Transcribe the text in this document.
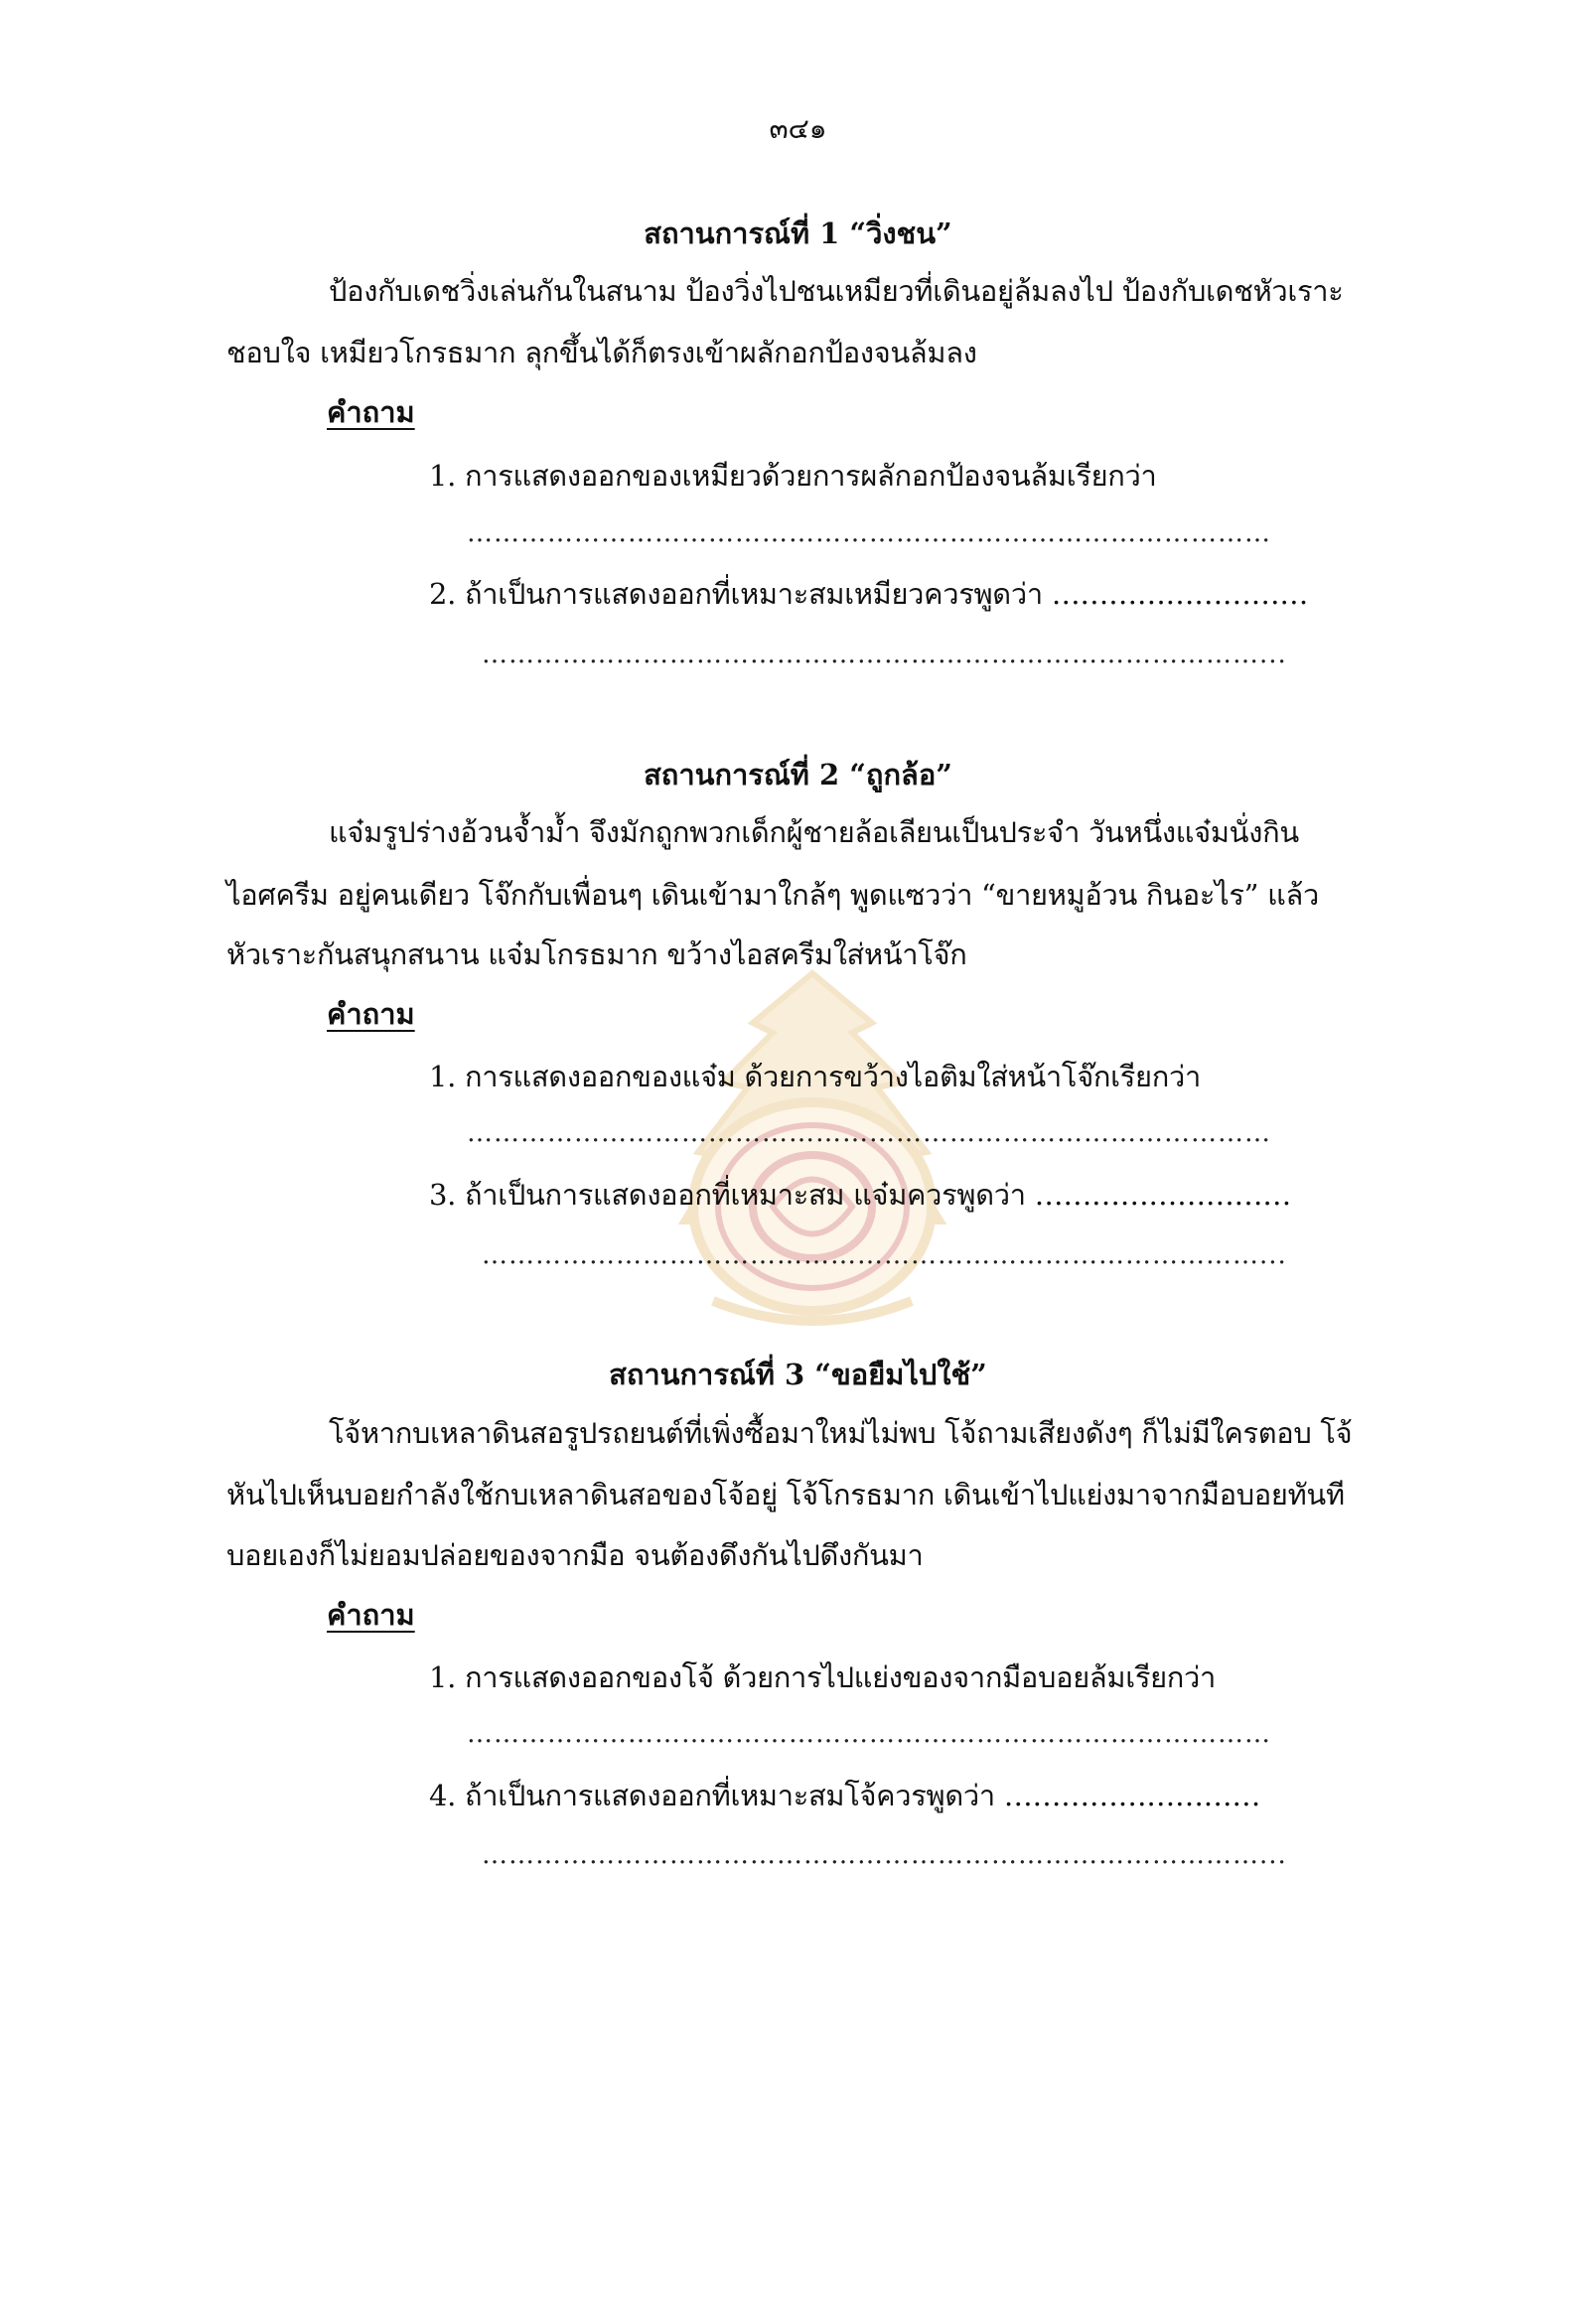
๓๔๑
สถานการณ์ที่ 1 “วิ่งชน”
ป้องกับเดชวิ่งเล่นกันในสนาม ป้องวิ่งไปชนเหมียวที่เดินอยู่ล้มลงไป ป้องกับเดชหัวเราะ
ชอบใจ เหมียวโกรธมาก ลุกขึ้นได้ก็ตรงเข้าผลักอกป้องจนล้มลง
คำถาม
1. การแสดงออกของเหมียวด้วยการผลักอกป้องจนล้มเรียกว่า
………………………………………………………………………………
2. ถ้าเป็นการแสดงออกที่เหมาะสมเหมียวควรพูดว่า ………………………
……………………………………………………………………………...
สถานการณ์ที่ 2 “ถูกล้อ”
แจ๋มรูปร่างอ้วนจ้ำม้ำ จึงมักถูกพวกเด็กผู้ชายล้อเลียนเป็นประจำ วันหนึ่งแจ๋มนั่งกิน
ไอศครีม อยู่คนเดียว โจ๊กกับเพื่อนๆ เดินเข้ามาใกล้ๆ พูดแซวว่า “ขายหมูอ้วน กินอะไร” แล้ว
หัวเราะกันสนุกสนาน แจ๋มโกรธมาก ขว้างไอสครีมใส่หน้าโจ๊ก
คำถาม
1. การแสดงออกของแจ๋ม ด้วยการขว้างไอติมใส่หน้าโจ๊กเรียกว่า
………………………………………………………………………………
3. ถ้าเป็นการแสดงออกที่เหมาะสม แจ๋มควรพูดว่า ………………………
……………………………………………………………………………...
สถานการณ์ที่ 3 “ขอยืมไปใช้”
โจ้หากบเหลาดินสอรูปรถยนต์ที่เพิ่งซื้อมาใหม่ไม่พบ โจ้ถามเสียงดังๆ ก็ไม่มีใครตอบ โจ้
หันไปเห็นบอยกำลังใช้กบเหลาดินสอของโจ้อยู่ โจ้โกรธมาก เดินเข้าไปแย่งมาจากมือบอยทันที
บอยเองก็ไม่ยอมปล่อยของจากมือ จนต้องดึงกันไปดึงกันมา
คำถาม
1. การแสดงออกของโจ้ ด้วยการไปแย่งของจากมือบอยล้มเรียกว่า
………………………………………………………………………………
4. ถ้าเป็นการแสดงออกที่เหมาะสมโจ้ควรพูดว่า ………………………
……………………………………………………………………………...
